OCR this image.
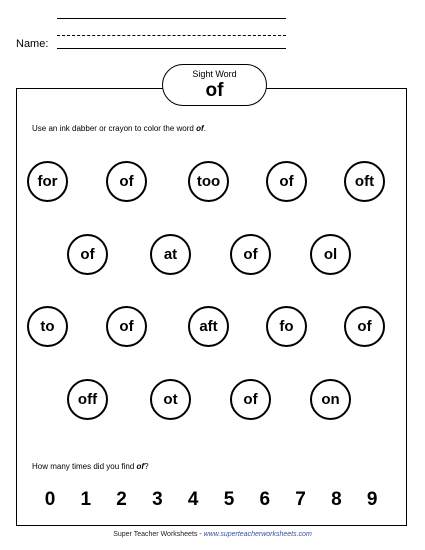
Name:
Sight Word
of
Use an ink dabber or crayon to color the word of.
for	of	too	of	oft
of	at	of	ol
to	of	aft	fo	of
off	ot	of	on
How many times did you find of?
0 1 2 3 4 5 6 7 8 9
Super Teacher Worksheets - www.superteacherworksheets.com
